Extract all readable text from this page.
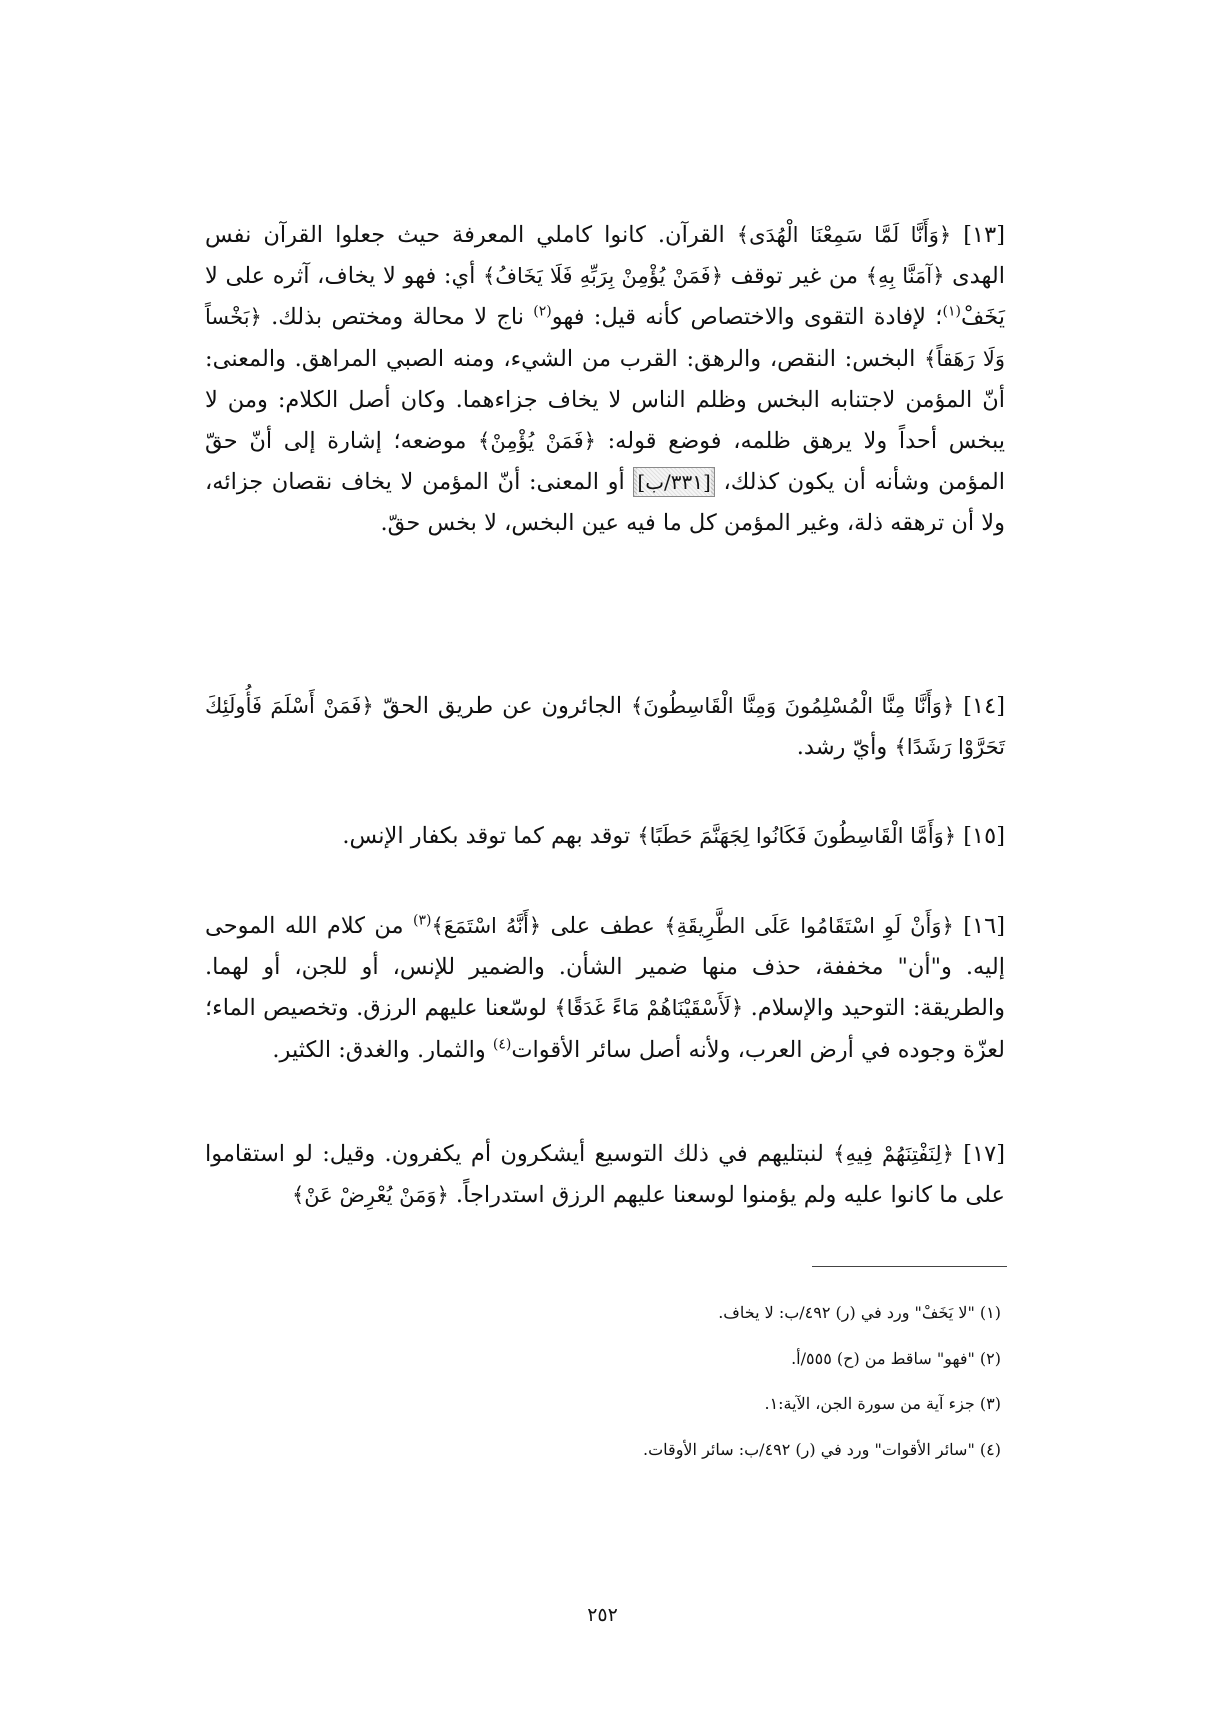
[١٣] ﴿وَأَنَّا لَمَّا سَمِعْنَا الْهُدَى﴾ القرآن. كانوا كاملي المعرفة حيث جعلوا القرآن نفس الهدى ﴿آمَنَّا بِهِ﴾ من غير توقف ﴿فَمَنْ يُؤْمِنْ بِرَبِّهِ فَلَا يَخَافُ﴾ أي: فهو لا يخاف، آثره على لا يَخَفْ$^{(١)}$؛ لإفادة التقوى والاختصاص كأنه قيل: فهو$^{(٢)}$ ناج لا محالة ومختص بذلك. ﴿بَخْساً وَلَا رَهَقاً﴾ البخس: النقص، والرهق: القرب من الشيء، ومنه الصبي المراهق. والمعنى: أنّ المؤمن لاجتنابه البخس وظلم الناس لا يخاف جزاءهما. وكان أصل الكلام: ومن لا يبخس أحداً ولا يرهق ظلمه، فوضع قوله: ﴿فَمَنْ يُؤْمِنْ﴾ موضعه؛ إشارة إلى أنّ حقّ المؤمن وشأنه أن يكون كذلك، [٣٣١/ب] أو المعنى: أنّ المؤمن لا يخاف نقصان جزائه، ولا أن ترهقه ذلة، وغير المؤمن كل ما فيه عين البخس، لا بخس حقّ.
[١٤] ﴿وَأَنَّا مِنَّا الْمُسْلِمُونَ وَمِنَّا الْقَاسِطُونَ﴾ الجائرون عن طريق الحقّ ﴿فَمَنْ أَسْلَمَ فَأُولَئِكَ تَحَرَّوْا رَشَدًا﴾ وأيّ رشد.
[١٥] ﴿وَأَمَّا الْقَاسِطُونَ فَكَانُوا لِجَهَنَّمَ حَطَبًا﴾ توقد بهم كما توقد بكفار الإنس.
[١٦] ﴿وَأَنْ لَوِ اسْتَقَامُوا عَلَى الطَّرِيقَةِ﴾ عطف على ﴿أَنَّهُ اسْتَمَعَ﴾$^{(٣)}$ من كلام الله الموحى إليه. و"أن" مخففة، حذف منها ضمير الشأن. والضمير للإنس، أو للجن، أو لهما. والطريقة: التوحيد والإسلام. ﴿لَأَسْقَيْنَاهُمْ مَاءً غَدَقًا﴾ لوسّعنا عليهم الرزق. وتخصيص الماء؛ لعزّة وجوده في أرض العرب، ولأنه أصل سائر الأقوات$^{(٤)}$ والثمار. والغدق: الكثير.
[١٧] ﴿لِنَفْتِنَهُمْ فِيهِ﴾ لنبتليهم في ذلك التوسيع أيشكرون أم يكفرون. وقيل: لو استقاموا على ما كانوا عليه ولم يؤمنوا لوسعنا عليهم الرزق استدراجاً. ﴿وَمَنْ يُعْرِضْ عَنْ﴾

(١) "لا يَخَفْ" ورد في (ر) ٤٩٢/ب: لا يخاف.

(٢) "فهو" ساقط من (ح) ٥٥٥/أ.

(٣) جزء آية من سورة الجن، الآية:١.

(٤) "سائر الأقوات" ورد في (ر) ٤٩٢/ب: سائر الأوقات.

٢٥٢
